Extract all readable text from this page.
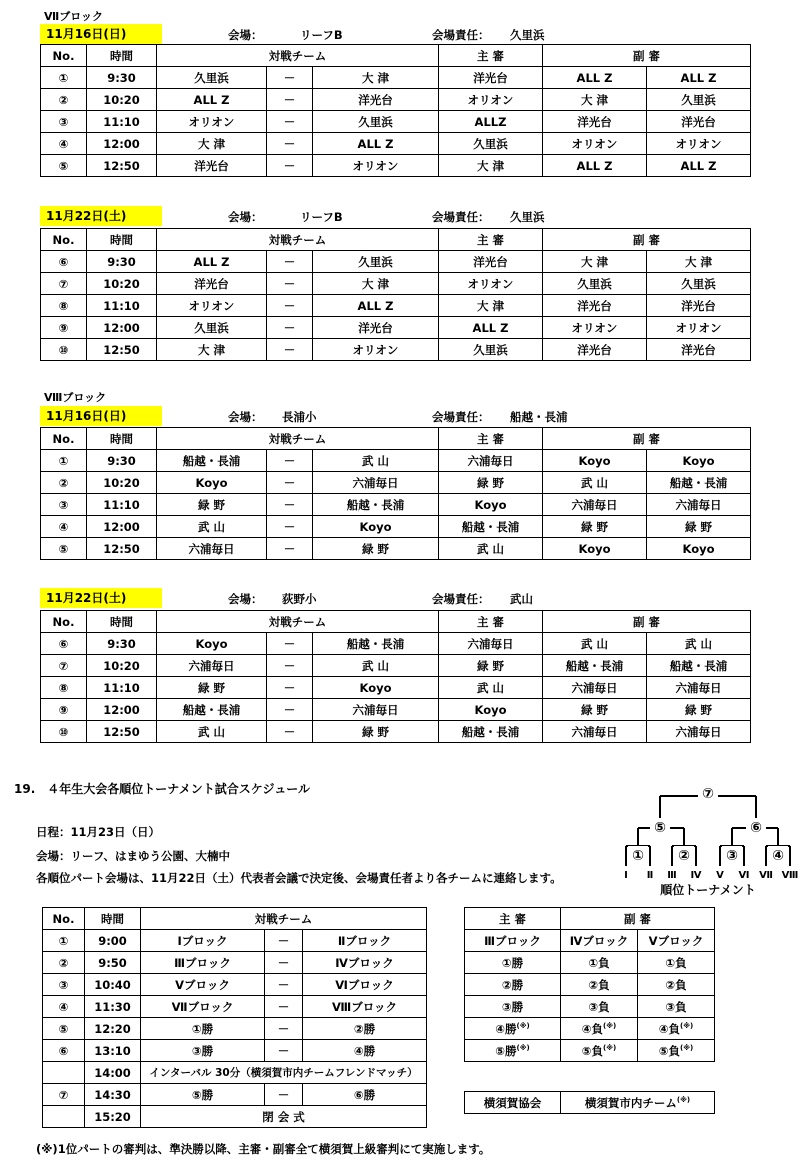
Ⅶブロック
11月16日(日)	会場：	リーフB	会場責任： 久里浜
No.	時間	対戦チーム			主 審	副 審	
①	9:30	久里浜	－	大 津	洋光台	ALL Z	ALL Z
②	10:20	ALL Z	－	洋光台	オリオン	大 津	久里浜
③	11:10	オリオン	－	久里浜	ALLZ	洋光台	洋光台
④	12:00	大 津	－	ALL Z	久里浜	オリオン	オリオン
⑤	12:50	洋光台	－	オリオン	大 津	ALL Z	ALL Z
11月22日(土)	会場：	リーフB	会場責任： 久里浜
No.	時間	対戦チーム			主 審	副 審	
⑥	9:30	ALL Z	－	久里浜	洋光台	大 津	大 津
⑦	10:20	洋光台	－	大 津	オリオン	久里浜	久里浜
⑧	11:10	オリオン	－	ALL Z	大 津	洋光台	洋光台
⑨	12:00	久里浜	－	洋光台	ALL Z	オリオン	オリオン
⑩	12:50	大 津	－	オリオン	久里浜	洋光台	洋光台
Ⅷブロック
11月16日(日)	会場： 長浦小	会場責任： 船越・長浦
No.	時間	対戦チーム			主 審	副 審	
①	9:30	船越・長浦	－	武 山	六浦毎日	Koyo	Koyo
②	10:20	Koyo	－	六浦毎日	緑 野	武 山	船越・長浦
③	11:10	緑 野	－	船越・長浦	Koyo	六浦毎日	六浦毎日
④	12:00	武 山	－	Koyo	船越・長浦	緑 野	緑 野
⑤	12:50	六浦毎日	－	緑 野	武 山	Koyo	Koyo
11月22日(土)	会場： 荻野小	会場責任： 武山
No.	時間	対戦チーム			主 審	副 審	
⑥	9:30	Koyo	－	船越・長浦	六浦毎日	武 山	武 山
⑦	10:20	六浦毎日	－	武 山	緑 野	船越・長浦	船越・長浦
⑧	11:10	緑 野	－	Koyo	武 山	六浦毎日	六浦毎日
⑨	12:00	船越・長浦	－	六浦毎日	Koyo	緑 野	緑 野
⑩	12:50	武 山	－	緑 野	船越・長浦	六浦毎日	六浦毎日
19.　４年生大会各順位トーナメント試合スケジュール
日程：11月23日（日）
会場：リーフ、はまゆう公園、大楠中
各順位パート会場は、11月22日（土）代表者会議で決定後、会場責任者より各チームに連絡します。
⑦
⑤	⑥
① ②	③ ④
Ⅰ Ⅱ Ⅲ Ⅳ Ⅴ Ⅵ Ⅶ Ⅷ
順位トーナメント
No.	時間	対戦チーム		
①	9:00	Ⅰブロック	－	Ⅱブロック
②	9:50	Ⅲブロック	－	Ⅳブロック
③	10:40	Ⅴブロック	－	Ⅵブロック
④	11:30	Ⅶブロック	－	Ⅷブロック
⑤	12:20	①勝	－	②勝
⑥	13:10	③勝	－	④勝
	14:00	インターバル 30分（横須賀市内チームフレンドマッチ）		
⑦	14:30	⑤勝	－	⑥勝
	15:20	閉 会 式		
主 審	副 審	
Ⅲブロック	Ⅳブロック	Ⅴブロック
①勝	①負	①負
②勝	②負	②負
③勝	③負	③負
④勝(※)	④負(※)	④負(※)
⑤勝(※)	⑤負(※)	⑤負(※)
横須賀協会	横須賀市内チーム(※)
(※)1位パートの審判は、準決勝以降、主審・副審全て横須賀上級審判にて実施します。
